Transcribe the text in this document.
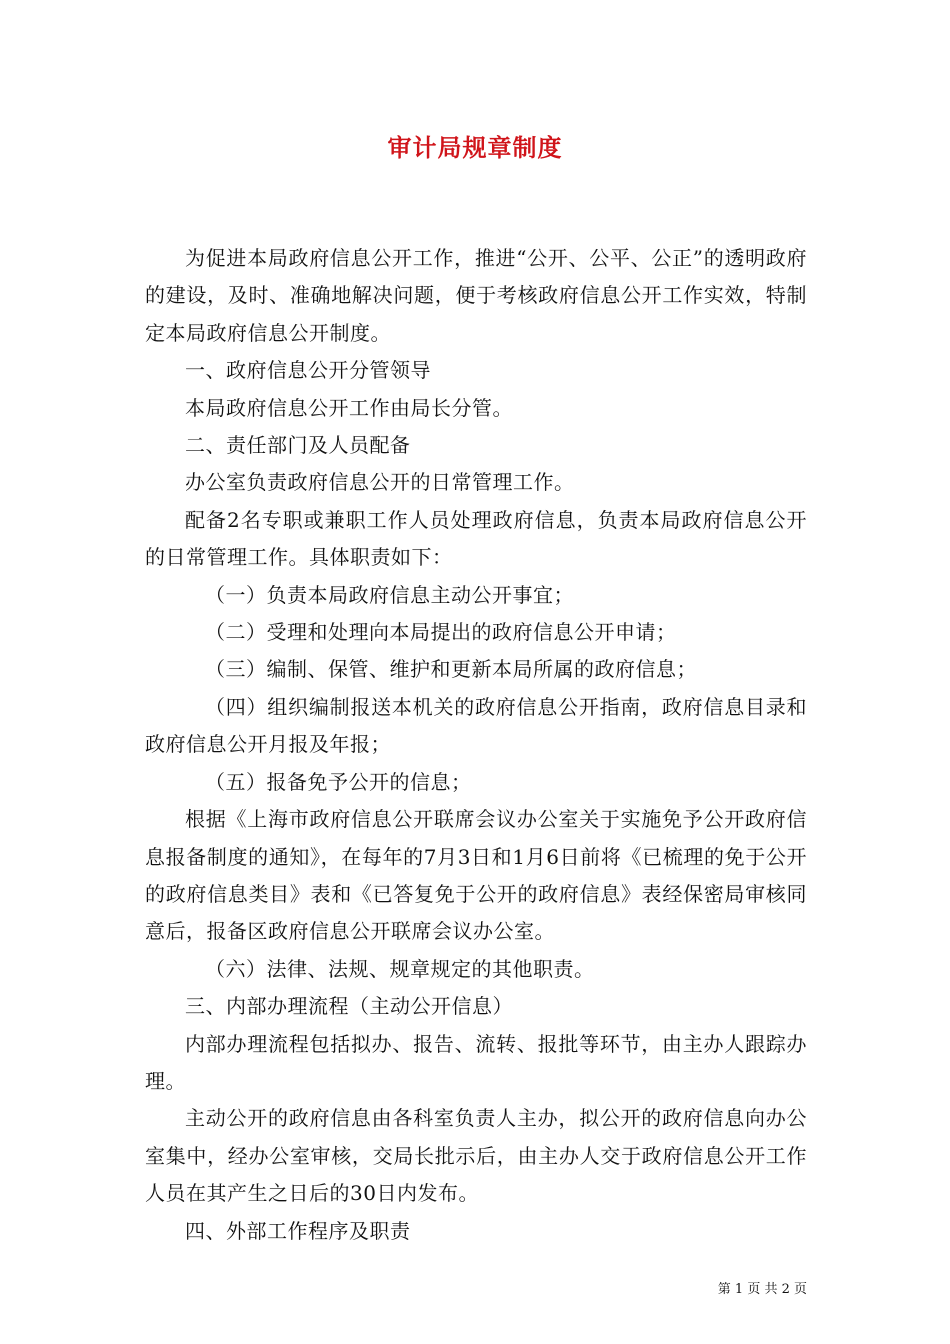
审计局规章制度

为促进本局政府信息公开工作，推进“公开、公平、公正”的透明政府的建设，及时、准确地解决问题，便于考核政府信息公开工作实效，特制定本局政府信息公开制度。

一、政府信息公开分管领导

本局政府信息公开工作由局长分管。

二、责任部门及人员配备

办公室负责政府信息公开的日常管理工作。

配备2名专职或兼职工作人员处理政府信息，负责本局政府信息公开的日常管理工作。具体职责如下：

（一）负责本局政府信息主动公开事宜；

（二）受理和处理向本局提出的政府信息公开申请；

（三）编制、保管、维护和更新本局所属的政府信息；

（四）组织编制报送本机关的政府信息公开指南，政府信息目录和政府信息公开月报及年报；

（五）报备免予公开的信息；

根据《上海市政府信息公开联席会议办公室关于实施免予公开政府信息报备制度的通知》，在每年的7月3日和1月6日前将《已梳理的免于公开的政府信息类目》表和《已答复免于公开的政府信息》表经保密局审核同意后，报备区政府信息公开联席会议办公室。

（六）法律、法规、规章规定的其他职责。

三、内部办理流程（主动公开信息）

内部办理流程包括拟办、报告、流转、报批等环节，由主办人跟踪办理。

主动公开的政府信息由各科室负责人主办，拟公开的政府信息向办公室集中，经办公室审核，交局长批示后，由主办人交于政府信息公开工作人员在其产生之日后的30日内发布。

四、外部工作程序及职责

第 1 页 共 2 页
